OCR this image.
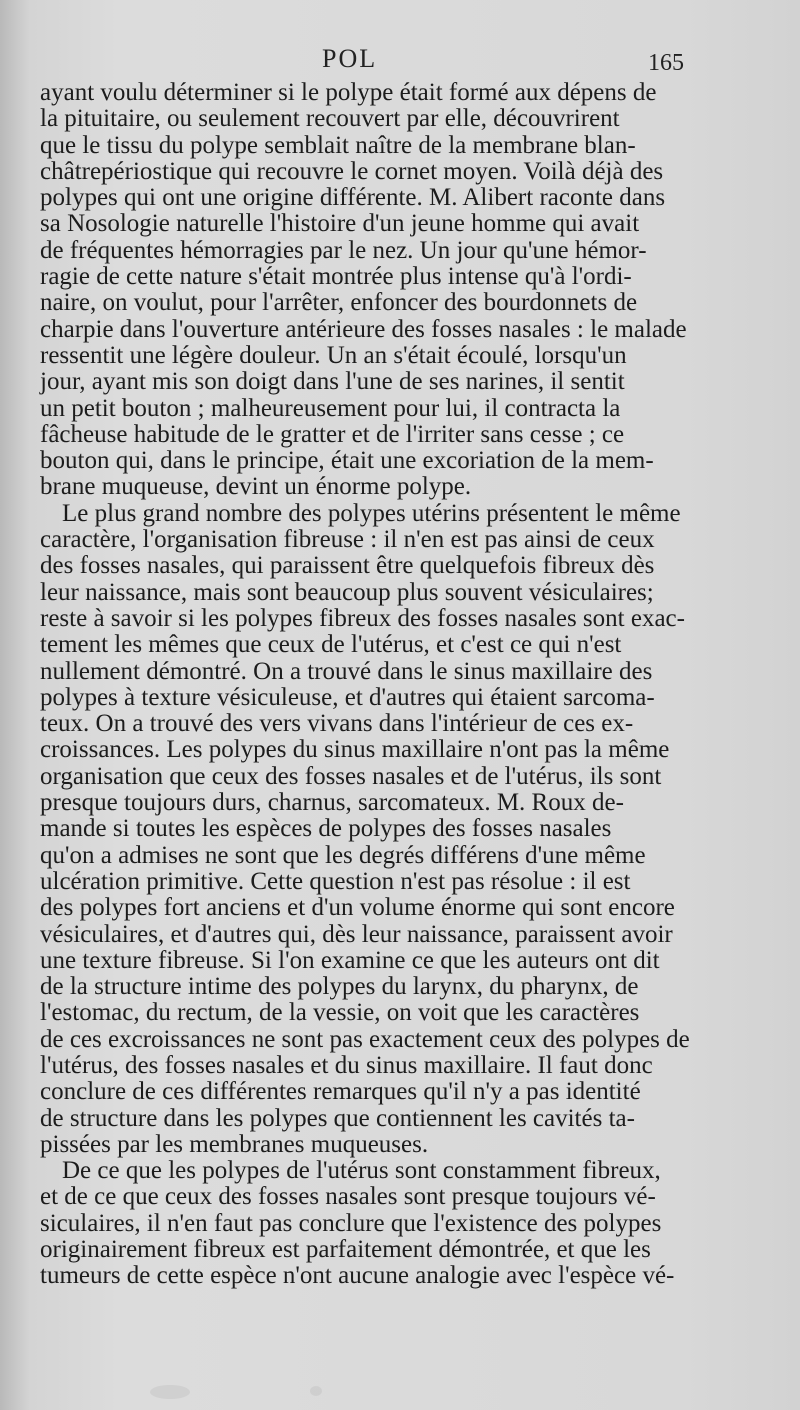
POL	165
ayant voulu déterminer si le polype était formé aux dépens de
la pituitaire, ou seulement recouvert par elle, découvrirent
que le tissu du polype semblait naître de la membrane blan-
châtrepériostique qui recouvre le cornet moyen. Voilà déjà des
polypes qui ont une origine différente. M. Alibert raconte dans
sa Nosologie naturelle l'histoire d'un jeune homme qui avait
de fréquentes hémorragies par le nez. Un jour qu'une hémor-
ragie de cette nature s'était montrée plus intense qu'à l'ordi-
naire, on voulut, pour l'arrêter, enfoncer des bourdonnets de
charpie dans l'ouverture antérieure des fosses nasales : le malade
ressentit une légère douleur. Un an s'était écoulé, lorsqu'un
jour, ayant mis son doigt dans l'une de ses narines, il sentit
un petit bouton ; malheureusement pour lui, il contracta la
fâcheuse habitude de le gratter et de l'irriter sans cesse ; ce
bouton qui, dans le principe, était une excoriation de la mem-
brane muqueuse, devint un énorme polype.
Le plus grand nombre des polypes utérins présentent le même
caractère, l'organisation fibreuse : il n'en est pas ainsi de ceux
des fosses nasales, qui paraissent être quelquefois fibreux dès
leur naissance, mais sont beaucoup plus souvent vésiculaires;
reste à savoir si les polypes fibreux des fosses nasales sont exac-
tement les mêmes que ceux de l'utérus, et c'est ce qui n'est
nullement démontré. On a trouvé dans le sinus maxillaire des
polypes à texture vésiculeuse, et d'autres qui étaient sarcoma-
teux. On a trouvé des vers vivans dans l'intérieur de ces ex-
croissances. Les polypes du sinus maxillaire n'ont pas la même
organisation que ceux des fosses nasales et de l'utérus, ils sont
presque toujours durs, charnus, sarcomateux. M. Roux de-
mande si toutes les espèces de polypes des fosses nasales
qu'on a admises ne sont que les degrés différens d'une même
ulcération primitive. Cette question n'est pas résolue : il est
des polypes fort anciens et d'un volume énorme qui sont encore
vésiculaires, et d'autres qui, dès leur naissance, paraissent avoir
une texture fibreuse. Si l'on examine ce que les auteurs ont dit
de la structure intime des polypes du larynx, du pharynx, de
l'estomac, du rectum, de la vessie, on voit que les caractères
de ces excroissances ne sont pas exactement ceux des polypes de
l'utérus, des fosses nasales et du sinus maxillaire. Il faut donc
conclure de ces différentes remarques qu'il n'y a pas identité
de structure dans les polypes que contiennent les cavités ta-
pissées par les membranes muqueuses.
De ce que les polypes de l'utérus sont constamment fibreux,
et de ce que ceux des fosses nasales sont presque toujours vé-
siculaires, il n'en faut pas conclure que l'existence des polypes
originairement fibreux est parfaitement démontrée, et que les
tumeurs de cette espèce n'ont aucune analogie avec l'espèce vé-
